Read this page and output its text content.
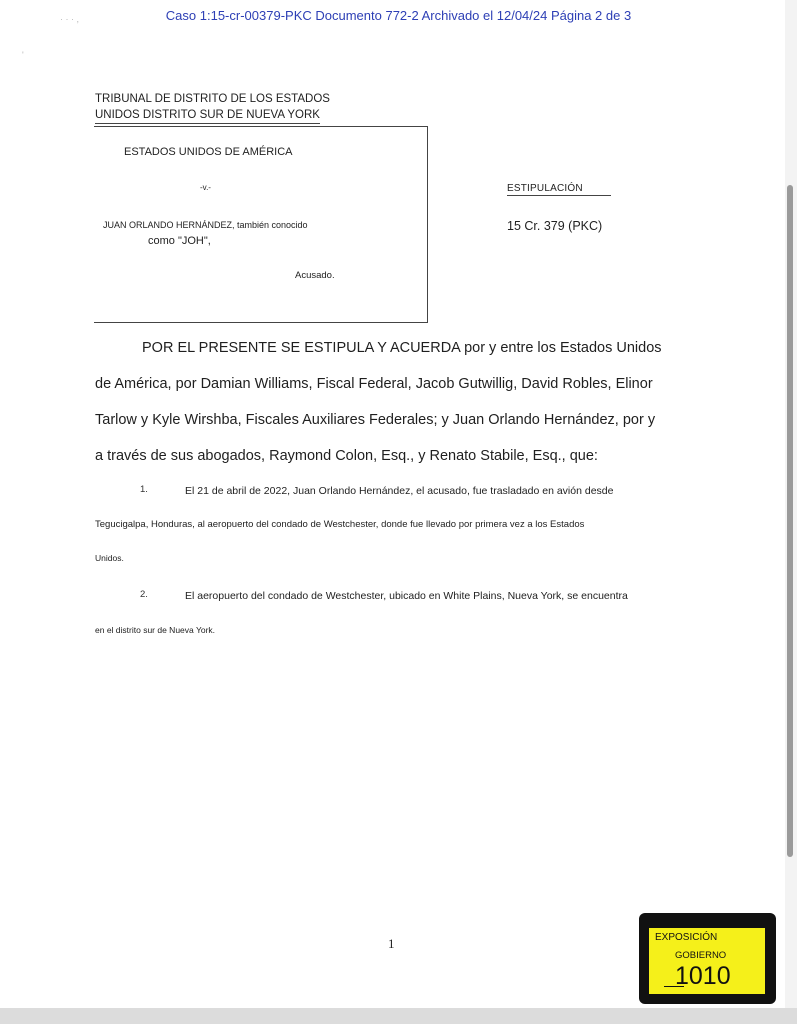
Caso 1:15-cr-00379-PKC Documento 772-2 Archivado el 12/04/24 Página 2 de 3
· · · ,
'
TRIBUNAL DE DISTRITO DE LOS ESTADOS
UNIDOS DISTRITO SUR DE NUEVA YORK
ESTADOS UNIDOS DE AMÉRICA
-v.-
JUAN ORLANDO HERNÁNDEZ, también conocido
como "JOH",
Acusado.
ESTIPULACIÓN
15 Cr. 379 (PKC)
POR EL PRESENTE SE ESTIPULA Y ACUERDA por y entre los Estados Unidos
de América, por Damian Williams, Fiscal Federal, Jacob Gutwillig, David Robles, Elinor
Tarlow y Kyle Wirshba, Fiscales Auxiliares Federales; y Juan Orlando Hernández, por y
a través de sus abogados, Raymond Colon, Esq., y Renato Stabile, Esq., que:
1.	El 21 de abril de 2022, Juan Orlando Hernández, el acusado, fue trasladado en avión desde
Tegucigalpa, Honduras, al aeropuerto del condado de Westchester, donde fue llevado por primera vez a los Estados
Unidos.
2.	El aeropuerto del condado de Westchester, ubicado en White Plains, Nueva York, se encuentra
en el distrito sur de Nueva York.
1	EXPOSICIÓN
GOBIERNO
1010
